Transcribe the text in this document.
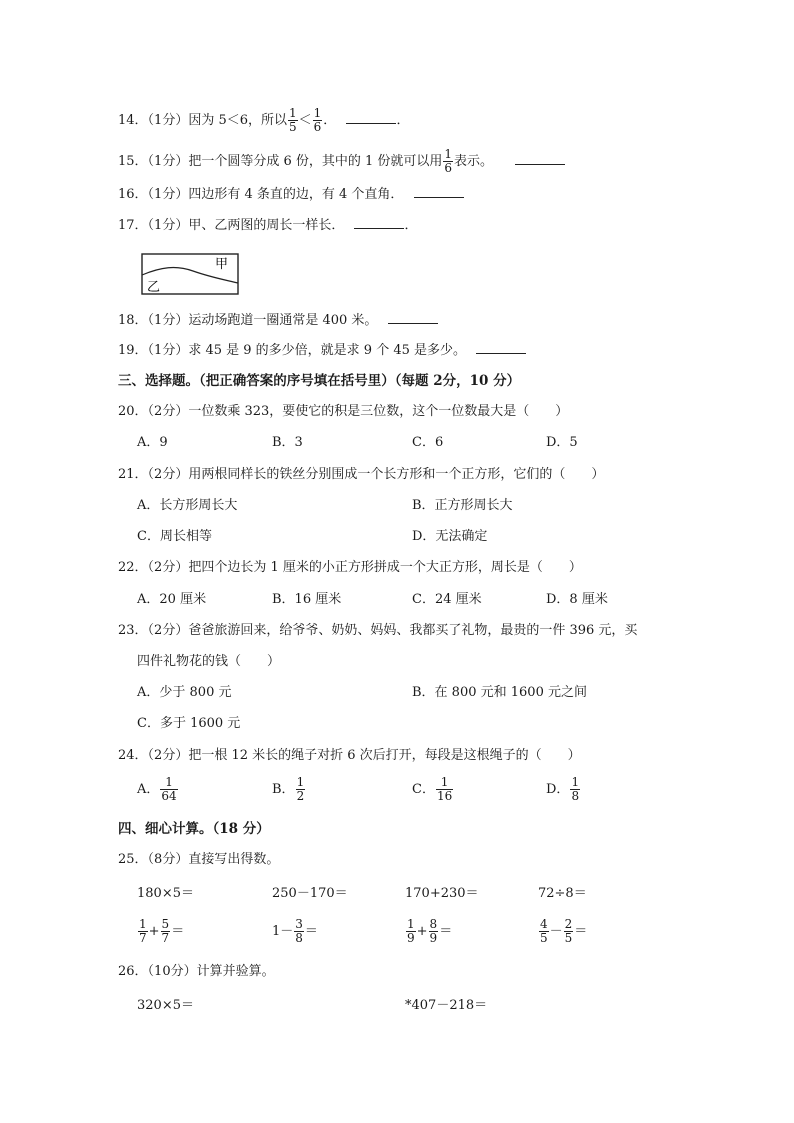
14．（1分）因为 5＜6，所以 $\frac{1}{5} < \frac{1}{6}$ ．	．
15．（1分）把一个圆等分成 6 份，其中的 1 份就可以用 $\frac{1}{6}$ 表示。
16．（1分）四边形有 4 条直的边，有 4 个直角．
17．（1分）甲、乙两图的周长一样长．	．
甲
乙
18．（1分）运动场跑道一圈通常是 400 米。
19．（1分）求 45 是 9 的多少倍，就是求 9 个 45 是多少。
三、选择题。（把正确答案的序号填在括号里）（每题 2分，10 分）
20．（2分）一位数乘 323，要使它的积是三位数，这个一位数最大是（　　）
A．9	B．3	C．6	D．5
21．（2分）用两根同样长的铁丝分别围成一个长方形和一个正方形，它们的（　　）
A．长方形周长大	B．正方形周长大
C．周长相等	D．无法确定
22．（2分）把四个边长为 1 厘米的小正方形拼成一个大正方形，周长是（　　）
A．20 厘米	B．16 厘米	C．24 厘米	D．8 厘米
23．（2分）爸爸旅游回来，给爷爷、奶奶、妈妈、我都买了礼物，最贵的一件 396 元，买
四件礼物花的钱（　　）
A．少于 800 元	B．在 800 元和 1600 元之间
C．多于 1600 元
24．（2分）把一根 12 米长的绳子对折 6 次后打开，每段是这根绳子的（　　）
A． $\frac{1}{64}$	B． $\frac{1}{2}$	C． $\frac{1}{16}$	D． $\frac{1}{8}$
四、细心计算。（18 分）
25．（8分）直接写出得数。
180×5＝	250－170＝	170+230＝	72÷8＝
$\frac{1}{7} + \frac{5}{7}$ ＝	$1- \frac{3}{8}$ ＝	$\frac{1}{9} + \frac{8}{9}$ ＝	$\frac{4}{5} - \frac{2}{5}$ ＝
26．（10分）计算并验算。
320×5＝	*407－218＝
